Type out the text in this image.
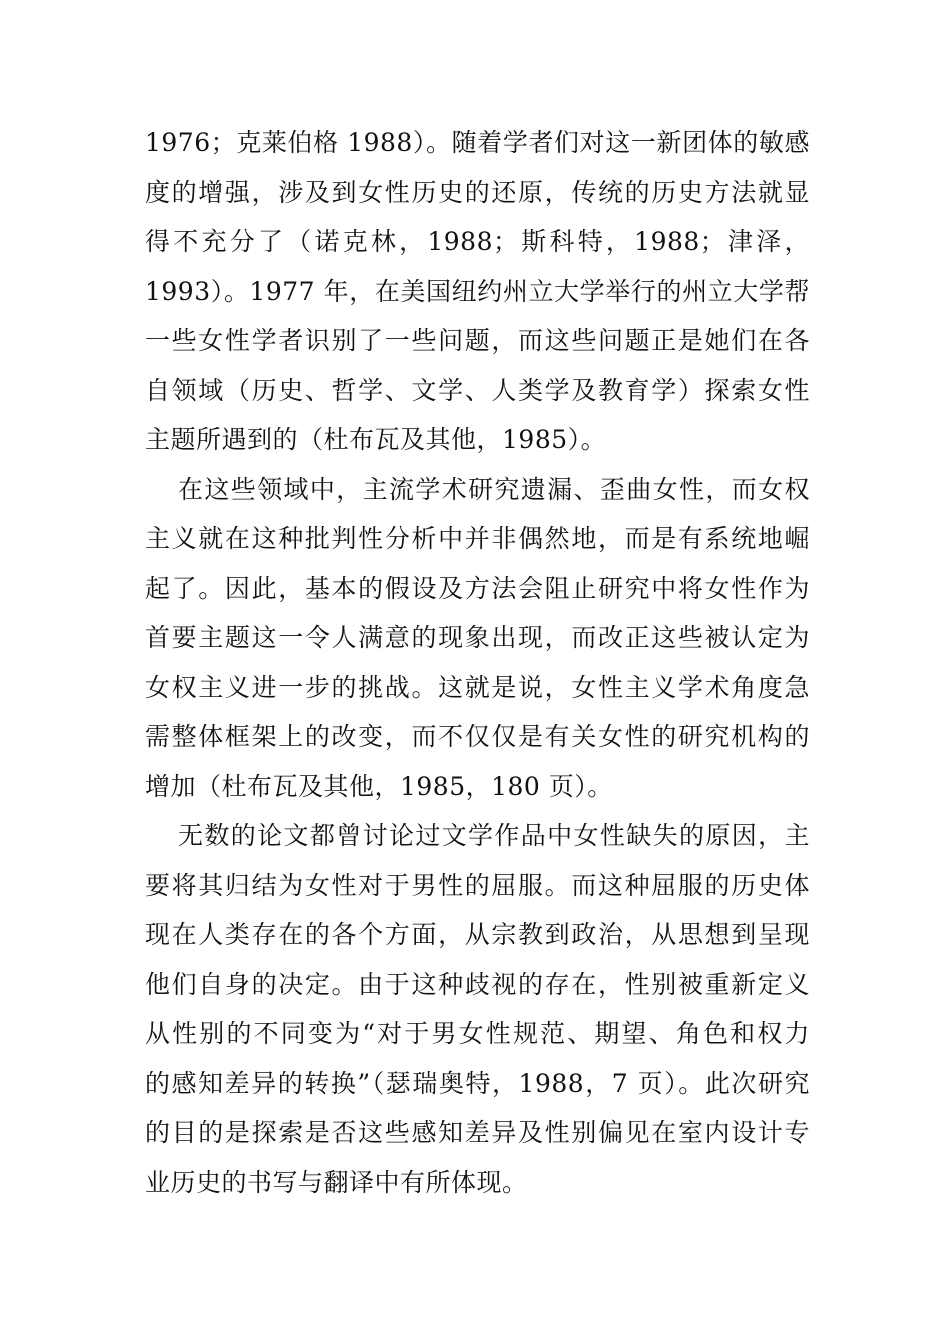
1976；克莱伯格 1988）。随着学者们对这一新团体的敏感
度的增强，涉及到女性历史的还原，传统的历史方法就显
得不充分了（诺克林，1988；斯科特，1988；津泽，
1993）。1977 年，在美国纽约州立大学举行的州立大学帮
一些女性学者识别了一些问题，而这些问题正是她们在各
自领域（历史、哲学、文学、人类学及教育学）探索女性
主题所遇到的（杜布瓦及其他，1985）。
在这些领域中，主流学术研究遗漏、歪曲女性，而女权
主义就在这种批判性分析中并非偶然地，而是有系统地崛
起了。因此，基本的假设及方法会阻止研究中将女性作为
首要主题这一令人满意的现象出现，而改正这些被认定为
女权主义进一步的挑战。这就是说，女性主义学术角度急
需整体框架上的改变，而不仅仅是有关女性的研究机构的
增加（杜布瓦及其他，1985，180 页）。
无数的论文都曾讨论过文学作品中女性缺失的原因，主
要将其归结为女性对于男性的屈服。而这种屈服的历史体
现在人类存在的各个方面，从宗教到政治，从思想到呈现
他们自身的决定。由于这种歧视的存在，性别被重新定义
从性别的不同变为“对于男女性规范、期望、角色和权力
的感知差异的转换”（瑟瑞奥特，1988，7 页）。此次研究
的目的是探索是否这些感知差异及性别偏见在室内设计专
业历史的书写与翻译中有所体现。
